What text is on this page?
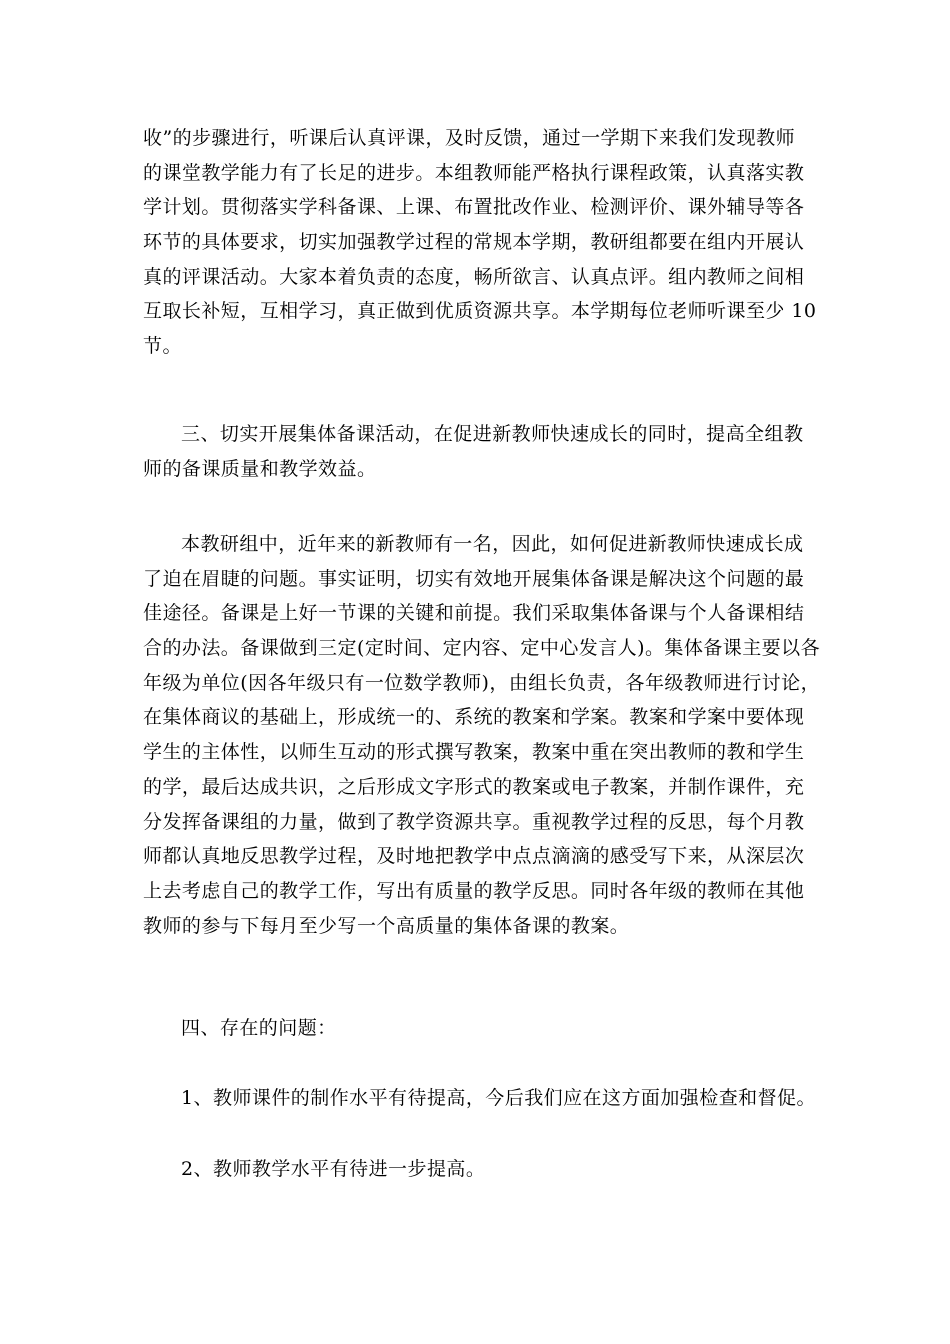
收”的步骤进行，听课后认真评课，及时反馈，通过一学期下来我们发现教师
的课堂教学能力有了长足的进步。本组教师能严格执行课程政策，认真落实教
学计划。贯彻落实学科备课、上课、布置批改作业、检测评价、课外辅导等各
环节的具体要求，切实加强教学过程的常规本学期，教研组都要在组内开展认
真的评课活动。大家本着负责的态度，畅所欲言、认真点评。组内教师之间相
互取长补短，互相学习，真正做到优质资源共享。本学期每位老师听课至少 10
节。
三、切实开展集体备课活动，在促进新教师快速成长的同时，提高全组教
师的备课质量和教学效益。
本教研组中，近年来的新教师有一名，因此，如何促进新教师快速成长成
了迫在眉睫的问题。事实证明，切实有效地开展集体备课是解决这个问题的最
佳途径。备课是上好一节课的关键和前提。我们采取集体备课与个人备课相结
合的办法。备课做到三定(定时间、定内容、定中心发言人)。集体备课主要以各
年级为单位(因各年级只有一位数学教师)，由组长负责，各年级教师进行讨论，
在集体商议的基础上，形成统一的、系统的教案和学案。教案和学案中要体现
学生的主体性，以师生互动的形式撰写教案，教案中重在突出教师的教和学生
的学，最后达成共识，之后形成文字形式的教案或电子教案，并制作课件，充
分发挥备课组的力量，做到了教学资源共享。重视教学过程的反思，每个月教
师都认真地反思教学过程，及时地把教学中点点滴滴的感受写下来，从深层次
上去考虑自己的教学工作，写出有质量的教学反思。同时各年级的教师在其他
教师的参与下每月至少写一个高质量的集体备课的教案。
四、存在的问题：
1、教师课件的制作水平有待提高，今后我们应在这方面加强检查和督促。
2、教师教学水平有待进一步提高。
